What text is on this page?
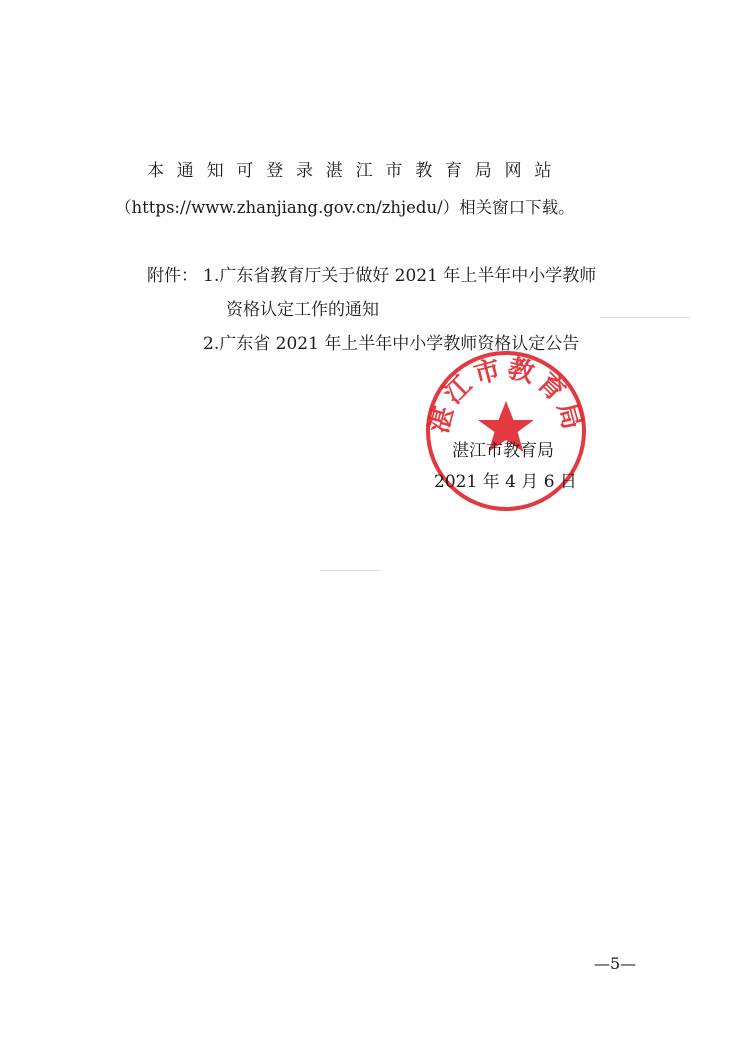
本通知可登录湛江市教育局网站
（https://www.zhanjiang.gov.cn/zhjedu/）相关窗口下载。
附件： 1.广东省教育厅关于做好 2021 年上半年中小学教师
资格认定工作的通知
2.广东省 2021 年上半年中小学教师资格认定公告
湛江市教育局
湛江市教育局
2021 年 4 月 6 日
—5—
